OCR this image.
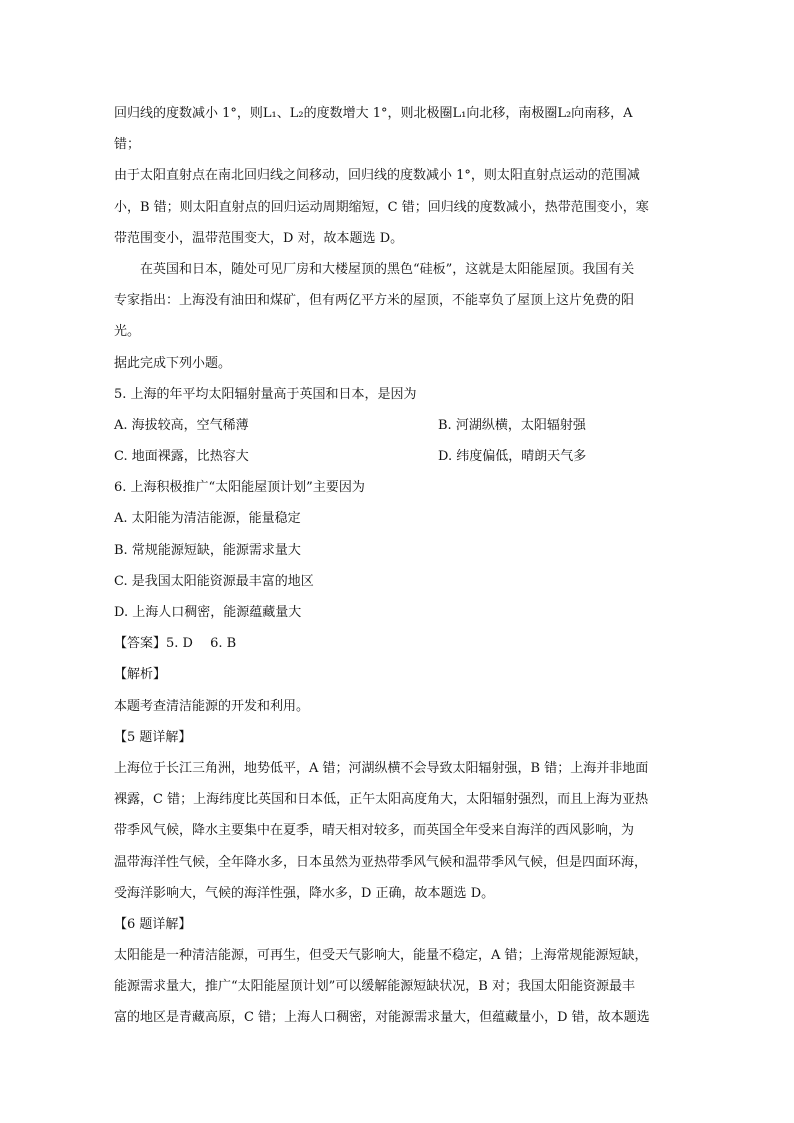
回归线的度数减小 1°，则L₁、L₂的度数增大 1°，则北极圈L₁向北移，南极圈L₂向南移，A
错；
由于太阳直射点在南北回归线之间移动，回归线的度数减小 1°，则太阳直射点运动的范围减
小，B 错；则太阳直射点的回归运动周期缩短，C 错；回归线的度数减小，热带范围变小，寒
带范围变小，温带范围变大，D 对，故本题选 D。
在英国和日本，随处可见厂房和大楼屋顶的黑色“硅板”，这就是太阳能屋顶。我国有关
专家指出：上海没有油田和煤矿，但有两亿平方米的屋顶，不能辜负了屋顶上这片免费的阳
光。
据此完成下列小题。
5. 上海的年平均太阳辐射量高于英国和日本，是因为
A. 海拔较高，空气稀薄	B. 河湖纵横，太阳辐射强
C. 地面裸露，比热容大	D. 纬度偏低，晴朗天气多
6. 上海积极推广“太阳能屋顶计划”主要因为
A. 太阳能为清洁能源，能量稳定
B. 常规能源短缺，能源需求量大
C. 是我国太阳能资源最丰富的地区
D. 上海人口稠密，能源蕴藏量大
【答案】5. D　 6. B
【解析】
本题考查清洁能源的开发和利用。
【5 题详解】
上海位于长江三角洲，地势低平，A 错；河湖纵横不会导致太阳辐射强，B 错；上海并非地面
裸露，C 错；上海纬度比英国和日本低，正午太阳高度角大，太阳辐射强烈，而且上海为亚热
带季风气候，降水主要集中在夏季，晴天相对较多，而英国全年受来自海洋的西风影响，为
温带海洋性气候，全年降水多，日本虽然为亚热带季风气候和温带季风气候，但是四面环海，
受海洋影响大，气候的海洋性强，降水多，D 正确，故本题选 D。
【6 题详解】
太阳能是一种清洁能源，可再生，但受天气影响大，能量不稳定，A 错；上海常规能源短缺，
能源需求量大，推广“太阳能屋顶计划”可以缓解能源短缺状况，B 对；我国太阳能资源最丰
富的地区是青藏高原，C 错；上海人口稠密，对能源需求量大，但蕴藏量小，D 错，故本题选
